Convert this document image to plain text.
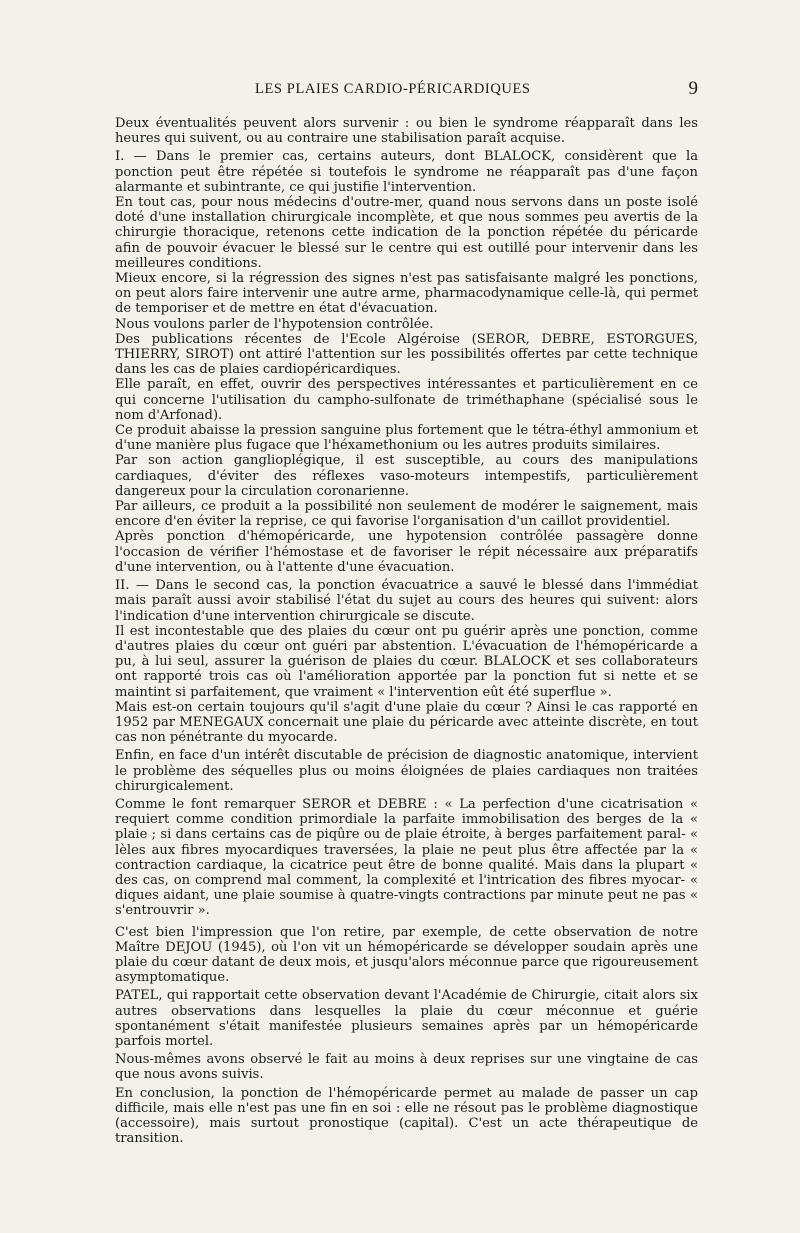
LES PLAIES CARDIO-PÉRICARDIQUES	9

Deux éventualités peuvent alors survenir : ou bien le syndrome réapparaît dans les heures qui suivent, ou au contraire une stabilisation paraît acquise.

I. — Dans le premier cas, certains auteurs, dont BLALOCK, considèrent que la ponction peut être répétée si toutefois le syndrome ne réapparaît pas d'une façon alarmante et subintrante, ce qui justifie l'intervention.

En tout cas, pour nous médecins d'outre-mer, quand nous servons dans un poste isolé doté d'une installation chirurgicale incomplète, et que nous sommes peu avertis de la chirurgie thoracique, retenons cette indication de la ponction répétée du péricarde afin de pouvoir évacuer le blessé sur le centre qui est outillé pour intervenir dans les meilleures conditions.

Mieux encore, si la régression des signes n'est pas satisfaisante malgré les ponctions, on peut alors faire intervenir une autre arme, pharmacodynamique celle-là, qui permet de temporiser et de mettre en état d'évacuation.

Nous voulons parler de l'hypotension contrôlée.

Des publications récentes de l'Ecole Algéroise (SEROR, DEBRE, ESTORGUES, THIERRY, SIROT) ont attiré l'attention sur les possibilités offertes par cette technique dans les cas de plaies cardiopéricardiques.

Elle paraît, en effet, ouvrir des perspectives intéressantes et particulièrement en ce qui concerne l'utilisation du campho-sulfonate de triméthaphane (spécialisé sous le nom d'Arfonad).

Ce produit abaisse la pression sanguine plus fortement que le tétra-éthyl ammonium et d'une manière plus fugace que l'héxamethonium ou les autres produits similaires.

Par son action ganglioplégique, il est susceptible, au cours des manipulations cardiaques, d'éviter des réflexes vaso-moteurs intempestifs, particulièrement dangereux pour la circulation coronarienne.

Par ailleurs, ce produit a la possibilité non seulement de modérer le saignement, mais encore d'en éviter la reprise, ce qui favorise l'organisation d'un caillot providentiel.

Après ponction d'hémopéricarde, une hypotension contrôlée passagère donne l'occasion de vérifier l'hémostase et de favoriser le répit nécessaire aux préparatifs d'une intervention, ou à l'attente d'une évacuation.

II. — Dans le second cas, la ponction évacuatrice a sauvé le blessé dans l'immédiat mais paraît aussi avoir stabilisé l'état du sujet au cours des heures qui suivent: alors l'indication d'une intervention chirurgicale se discute.

Il est incontestable que des plaies du cœur ont pu guérir après une ponction, comme d'autres plaies du cœur ont guéri par abstention. L'évacuation de l'hémopéricarde a pu, à lui seul, assurer la guérison de plaies du cœur. BLALOCK et ses collaborateurs ont rapporté trois cas où l'amélioration apportée par la ponction fut si nette et se maintint si parfaitement, que vraiment « l'intervention eût été superflue ».

Mais est-on certain toujours qu'il s'agit d'une plaie du cœur ? Ainsi le cas rapporté en 1952 par MENEGAUX concernait une plaie du péricarde avec atteinte discrète, en tout cas non pénétrante du myocarde.

Enfin, en face d'un intérêt discutable de précision de diagnostic anatomique, intervient le problème des séquelles plus ou moins éloignées de plaies cardiaques non traitées chirurgicalement.

Comme le font remarquer SEROR et DEBRE : « La perfection d'une cicatrisation « requiert comme condition primordiale la parfaite immobilisation des berges de la « plaie ; si dans certains cas de piqûre ou de plaie étroite, à berges parfaitement paral- « lèles aux fibres myocardiques traversées, la plaie ne peut plus être affectée par la « contraction cardiaque, la cicatrice peut être de bonne qualité. Mais dans la plupart « des cas, on comprend mal comment, la complexité et l'intrication des fibres myocar- « diques aidant, une plaie soumise à quatre-vingts contractions par minute peut ne pas « s'entrouvrir ».

C'est bien l'impression que l'on retire, par exemple, de cette observation de notre Maître DEJOU (1945), où l'on vit un hémopéricarde se développer soudain après une plaie du cœur datant de deux mois, et jusqu'alors méconnue parce que rigoureusement asymptomatique.

PATEL, qui rapportait cette observation devant l'Académie de Chirurgie, citait alors six autres observations dans lesquelles la plaie du cœur méconnue et guérie spontanément s'était manifestée plusieurs semaines après par un hémopéricarde parfois mortel.

Nous-mêmes avons observé le fait au moins à deux reprises sur une vingtaine de cas que nous avons suivis.

En conclusion, la ponction de l'hémopéricarde permet au malade de passer un cap difficile, mais elle n'est pas une fin en soi : elle ne résout pas le problème diagnostique (accessoire), mais surtout pronostique (capital). C'est un acte thérapeutique de transition.
